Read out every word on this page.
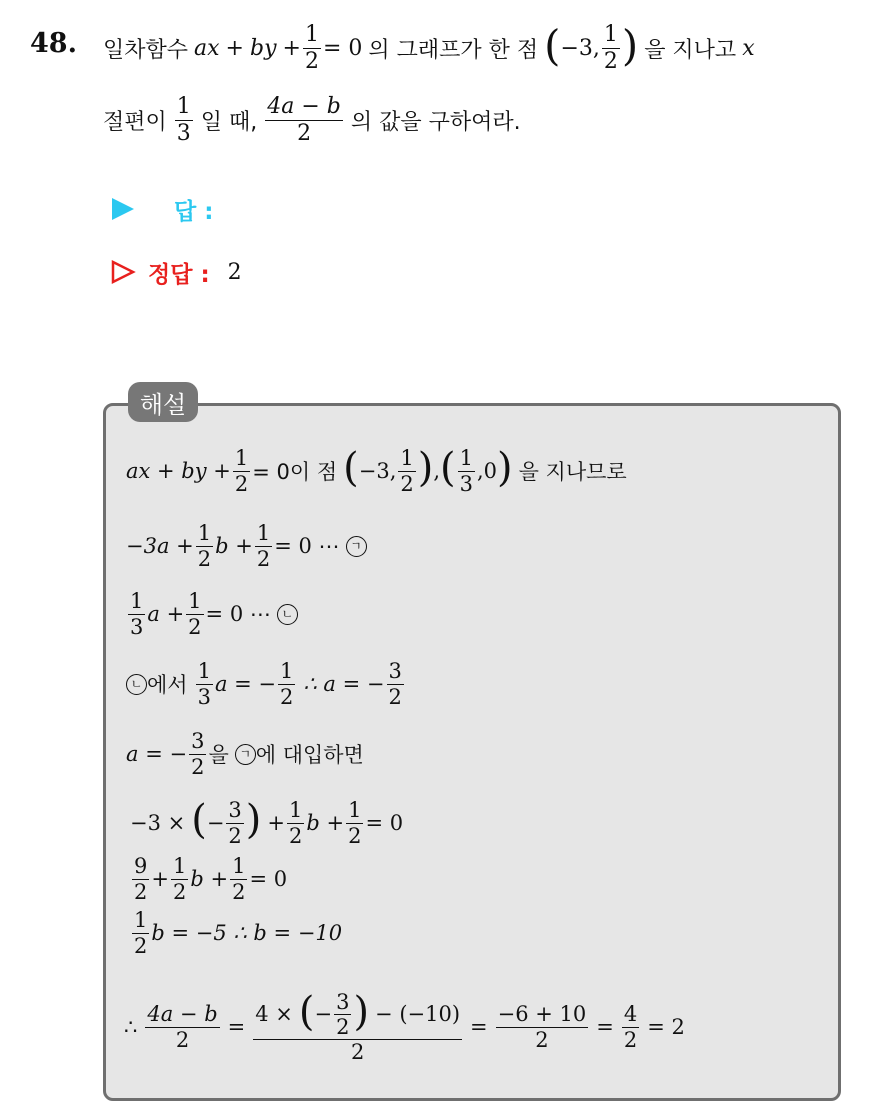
48. 일차함수 ax + by + $\frac{1}{2} = 0$ 의 그래프가 한 점 ( −3, $\frac{1}{2}$ ) 을 지나고 x
절편이 $\frac{1}{3}$ 일 때, $\frac{4a - b}{2}$ 의 값을 구하여라.
답 :
정답 : 2
해설
ax + by + $\frac{1}{2} = 0$이 점 ( −3, $\frac{1}{2}$ ) , ( $\frac{1}{3} ,0$ ) 을 지나므로
$-3a + \frac{1}{2}$ $b + \frac{1}{2} = 0$ ⋯ ㄱ
$\frac{1}{3}$ $a + \frac{1}{2} = 0$ ⋯ ㄴ
ㄴ 에서 $\frac{1}{3}$ a = − $\frac{1}{2}$ ∴ a = − $\frac{3}{2}$
a = − $\frac{3}{2}$ 을 ㄱ 에 대입하면
−3 × ( − $\frac{3}{2}$ ) + $\frac{1}{2}$ $b + \frac{1}{2} = 0$
$\frac{9}{2} + \frac{1}{2}$ $b + \frac{1}{2} = 0$
$\frac{1}{2}$ b = −5 ∴ b = −10
∴ $\frac{4a - b}{2} = \frac{4 \times ( - \frac{3}{2} ) - (-10)}{2} = \frac{-6 + 10}{2} = \frac{4}{2} = 2$
